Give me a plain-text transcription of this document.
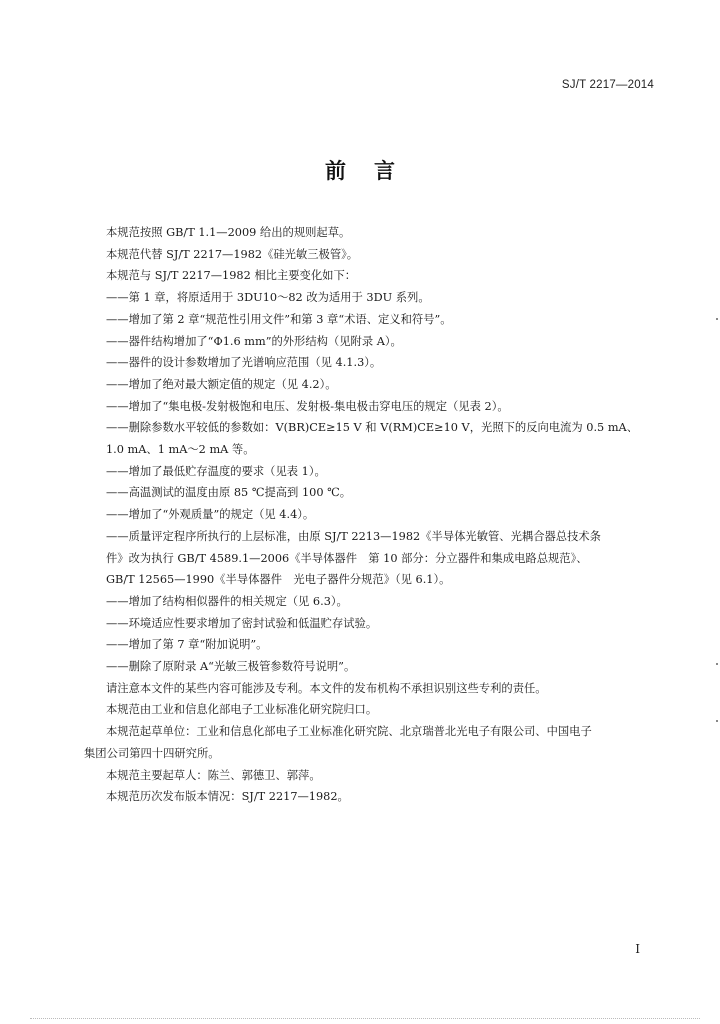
SJ/T 2217—2014
前言
本规范按照 GB/T 1.1—2009 给出的规则起草。
本规范代替 SJ/T 2217—1982《硅光敏三极管》。
本规范与 SJ/T 2217—1982 相比主要变化如下：
——第 1 章，将原适用于 3DU10～82 改为适用于 3DU 系列。
——增加了第 2 章“规范性引用文件”和第 3 章“术语、定义和符号”。
——器件结构增加了“Φ1.6 mm”的外形结构（见附录 A）。
——器件的设计参数增加了光谱响应范围（见 4.1.3）。
——增加了绝对最大额定值的规定（见 4.2）。
——增加了“集电极-发射极饱和电压、发射极-集电极击穿电压的规定（见表 2）。
——删除参数水平较低的参数如：V(BR)CE≥15 V 和 V(RM)CE≥10 V，光照下的反向电流为 0.5 mA、
1.0 mA、1 mA～2 mA 等。
——增加了最低贮存温度的要求（见表 1）。
——高温测试的温度由原 85 ℃提高到 100 ℃。
——增加了“外观质量”的规定（见 4.4）。
——质量评定程序所执行的上层标准，由原 SJ/T 2213—1982《半导体光敏管、光耦合器总技术条
件》改为执行 GB/T 4589.1—2006《半导体器件　第 10 部分：分立器件和集成电路总规范》、
GB/T 12565—1990《半导体器件　光电子器件分规范》（见 6.1）。
——增加了结构相似器件的相关规定（见 6.3）。
——环境适应性要求增加了密封试验和低温贮存试验。
——增加了第 7 章“附加说明”。
——删除了原附录 A“光敏三极管参数符号说明”。
请注意本文件的某些内容可能涉及专利。本文件的发布机构不承担识别这些专利的责任。
本规范由工业和信息化部电子工业标准化研究院归口。
本规范起草单位：工业和信息化部电子工业标准化研究院、北京瑞普北光电子有限公司、中国电子
集团公司第四十四研究所。
本规范主要起草人：陈兰、郭德卫、郭萍。
本规范历次发布版本情况：SJ/T 2217—1982。
I
